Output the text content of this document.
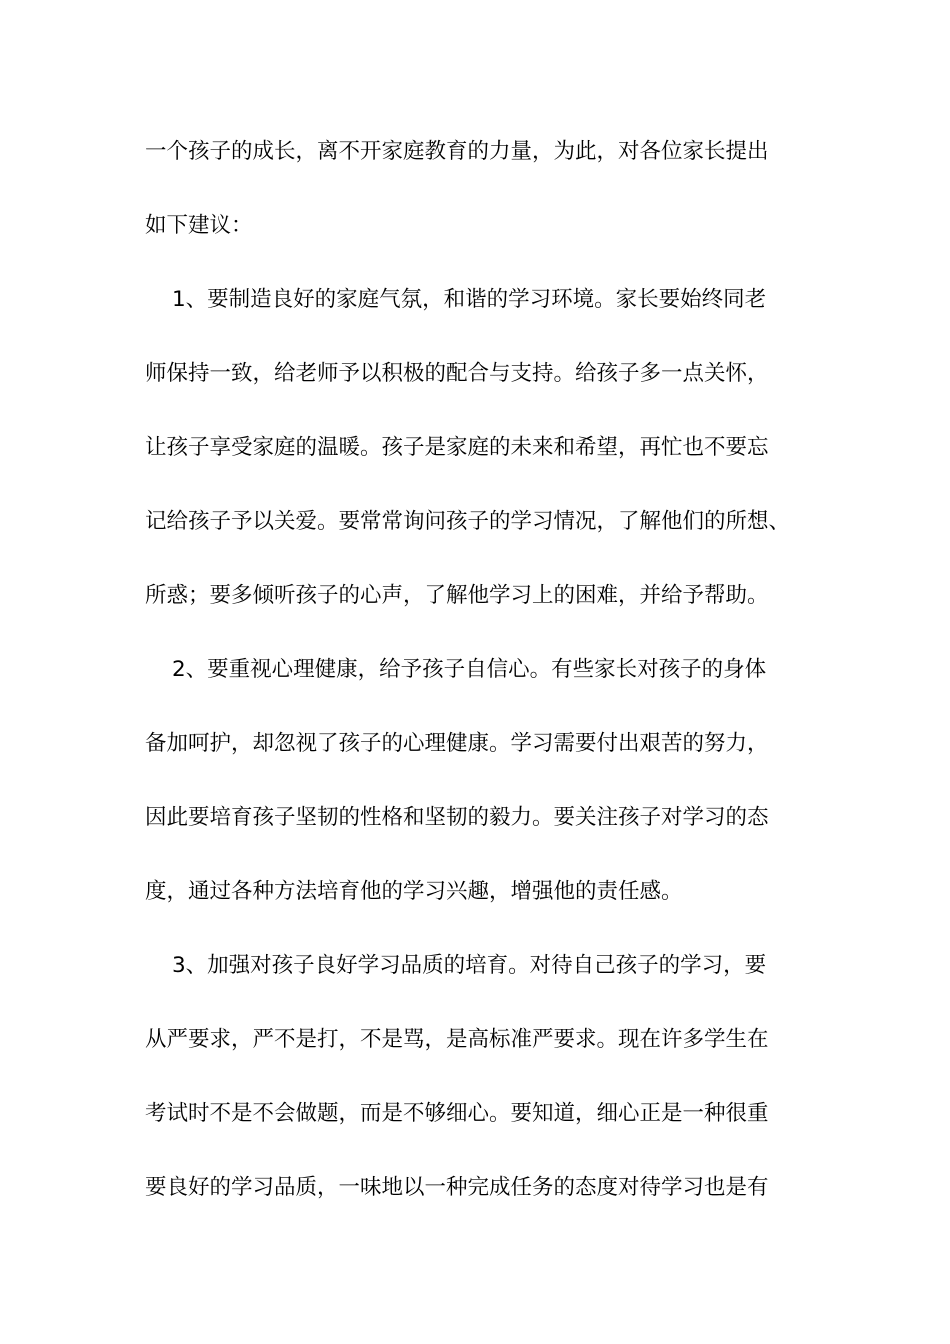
一个孩子的成长，离不开家庭教育的力量，为此，对各位家长提出
如下建议：
1、要制造良好的家庭气氛，和谐的学习环境。家长要始终同老
师保持一致，给老师予以积极的配合与支持。给孩子多一点关怀，
让孩子享受家庭的温暖。孩子是家庭的未来和希望，再忙也不要忘
记给孩子予以关爱。要常常询问孩子的学习情况，了解他们的所想、
所惑；要多倾听孩子的心声，了解他学习上的困难，并给予帮助。
2、要重视心理健康，给予孩子自信心。有些家长对孩子的身体
备加呵护，却忽视了孩子的心理健康。学习需要付出艰苦的努力，
因此要培育孩子坚韧的性格和坚韧的毅力。要关注孩子对学习的态
度，通过各种方法培育他的学习兴趣，增强他的责任感。
3、加强对孩子良好学习品质的培育。对待自己孩子的学习，要
从严要求，严不是打，不是骂，是高标准严要求。现在许多学生在
考试时不是不会做题，而是不够细心。要知道，细心正是一种很重
要良好的学习品质，一味地以一种完成任务的态度对待学习也是有
